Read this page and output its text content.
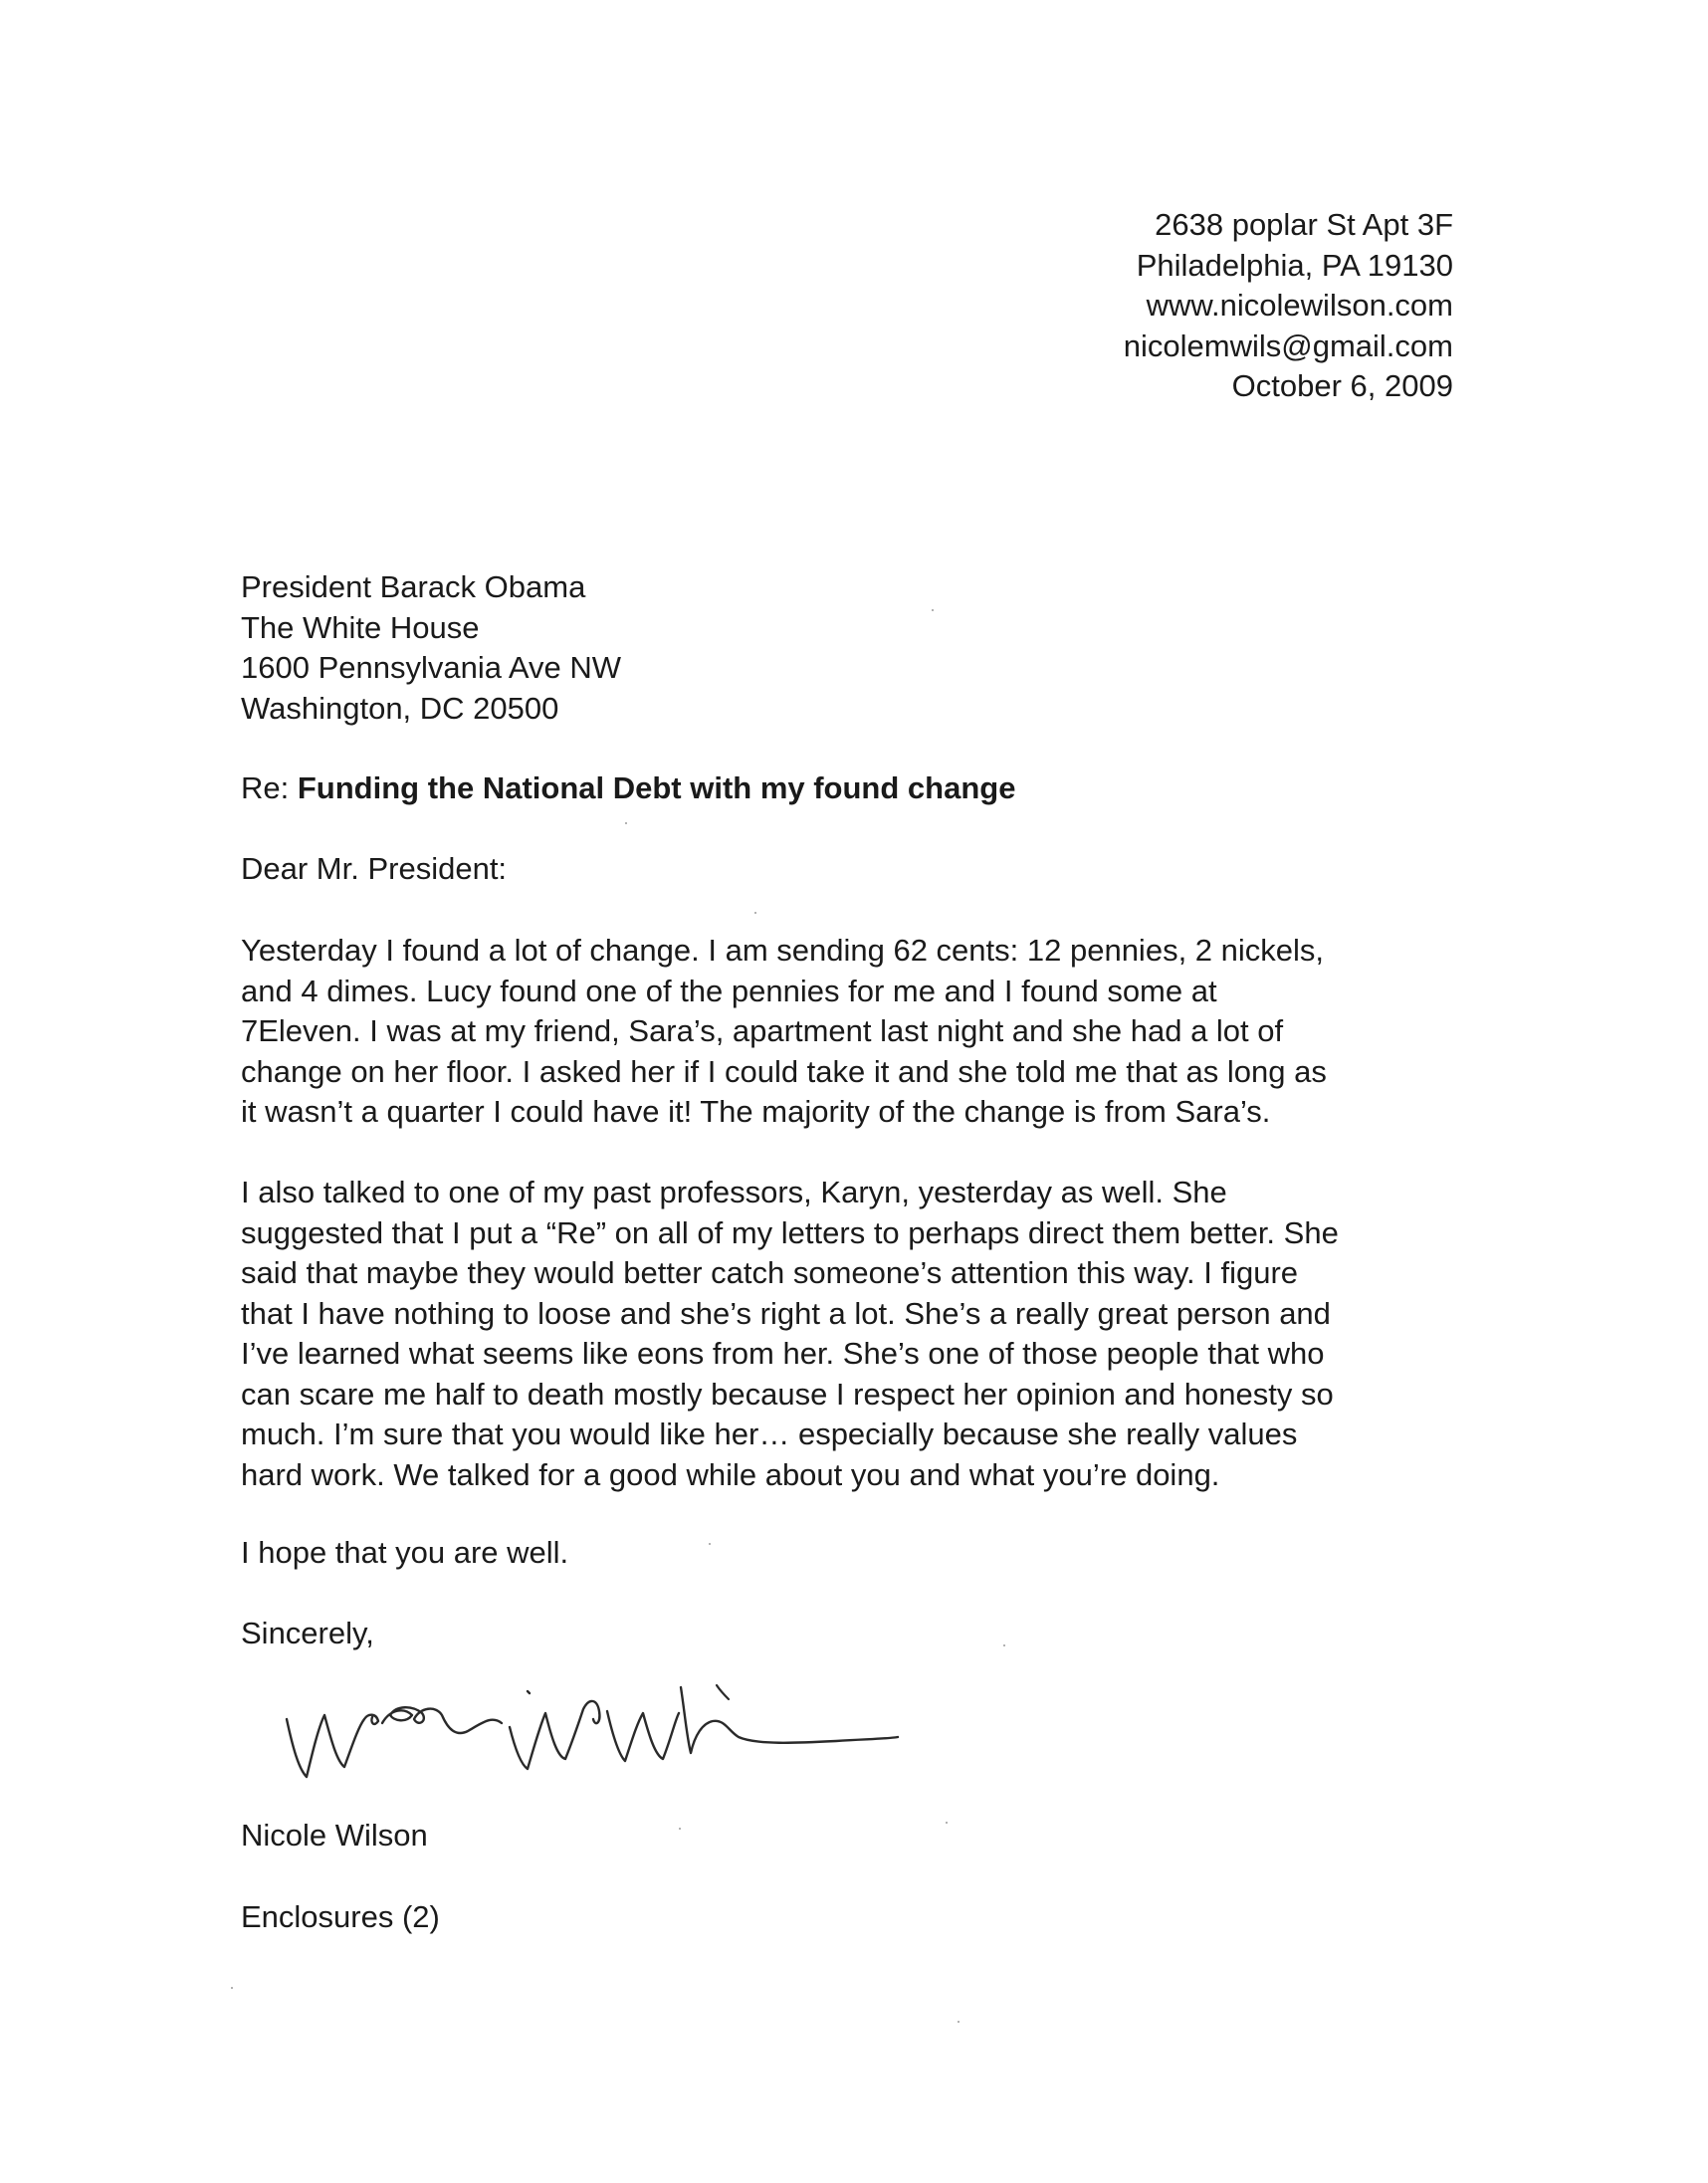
2638 poplar St Apt 3F
Philadelphia, PA 19130
www.nicolewilson.com
nicolemwils@gmail.com
October 6, 2009
President Barack Obama
The White House
1600 Pennsylvania Ave NW
Washington, DC 20500
Re: Funding the National Debt with my found change
Dear Mr. President:
Yesterday I found a lot of change. I am sending 62 cents: 12 pennies, 2 nickels,
and 4 dimes. Lucy found one of the pennies for me and I found some at
7Eleven. I was at my friend, Sara’s, apartment last night and she had a lot of
change on her floor. I asked her if I could take it and she told me that as long as
it wasn’t a quarter I could have it! The majority of the change is from Sara’s.
I also talked to one of my past professors, Karyn, yesterday as well. She
suggested that I put a “Re” on all of my letters to perhaps direct them better. She
said that maybe they would better catch someone’s attention this way. I figure
that I have nothing to loose and she’s right a lot. She’s a really great person and
I’ve learned what seems like eons from her. She’s one of those people that who
can scare me half to death mostly because I respect her opinion and honesty so
much. I’m sure that you would like her… especially because she really values
hard work. We talked for a good while about you and what you’re doing.
I hope that you are well.
Sincerely,
Nicole Wilson
Enclosures (2)
